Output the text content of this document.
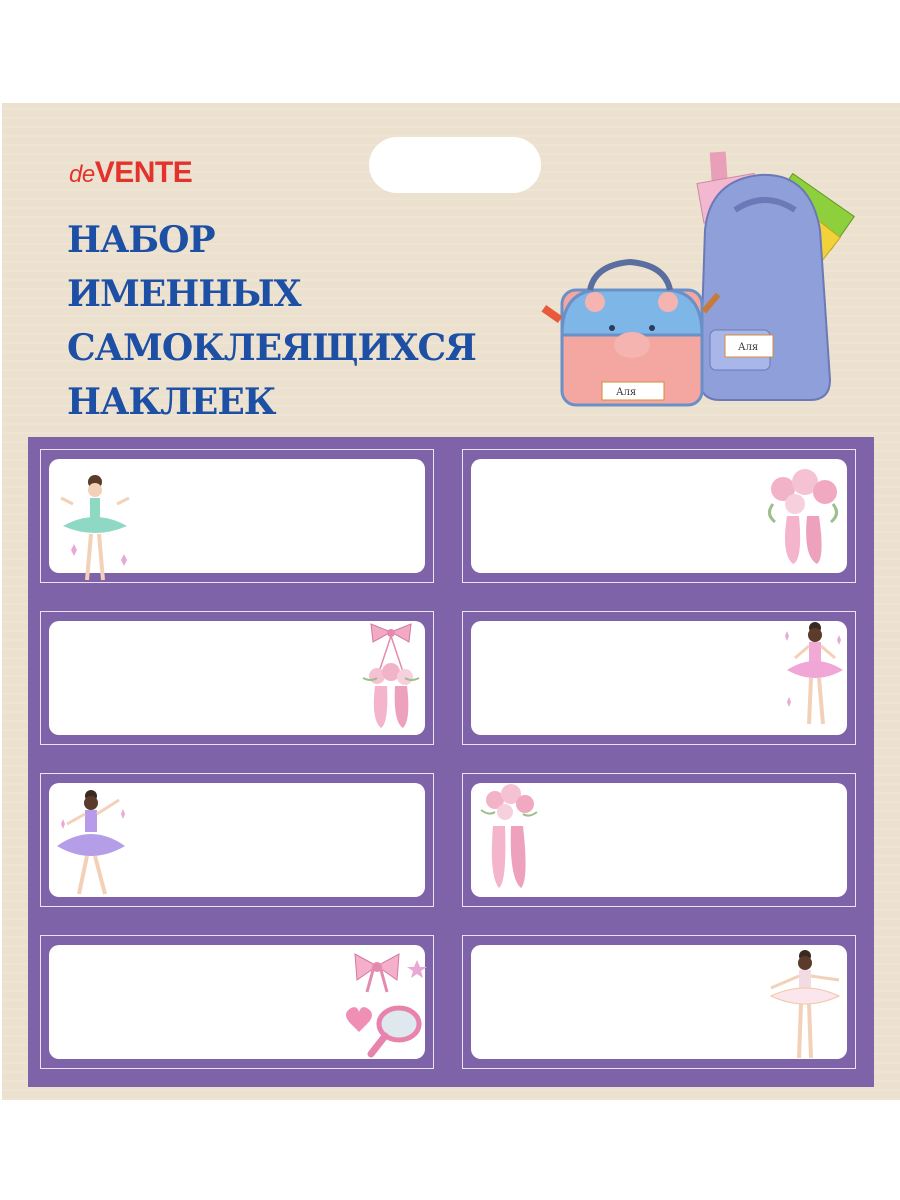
deVENTE
НАБОР
ИМЕННЫХ
САМОКЛЕЯЩИХСЯ
НАКЛЕЕК
Аля
Аля
